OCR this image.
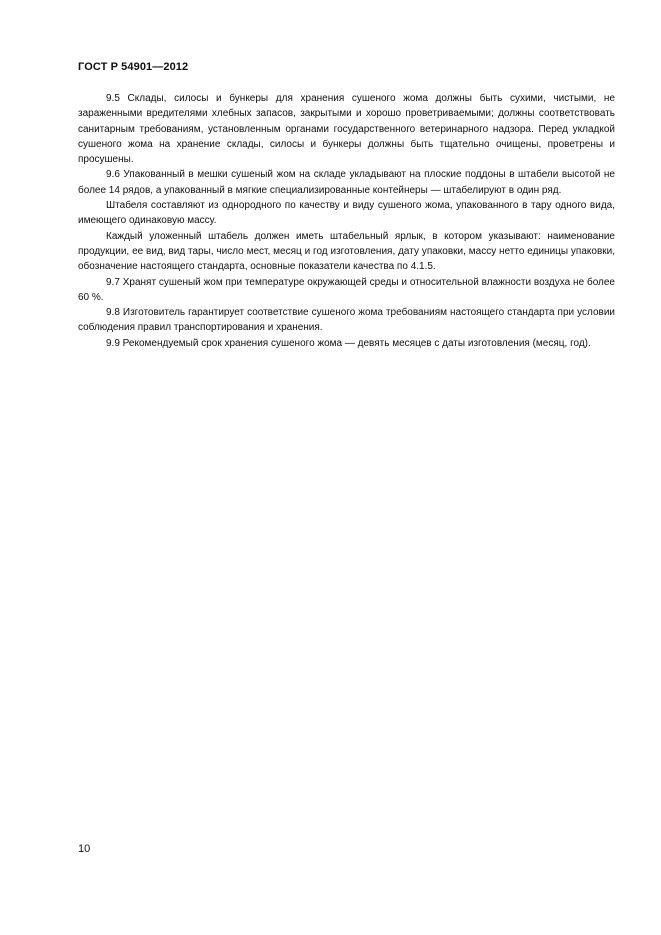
ГОСТ Р 54901—2012

9.5 Склады, силосы и бункеры для хранения сушеного жома должны быть сухими, чистыми, не зараженными вредителями хлебных запасов, закрытыми и хорошо проветриваемыми; должны соответствовать санитарным требованиям, установленным органами государственного ветеринарного надзора. Перед укладкой сушеного жома на хранение склады, силосы и бункеры должны быть тщательно очищены, проветрены и просушены.

9.6 Упакованный в мешки сушеный жом на складе укладывают на плоские поддоны в штабели высотой не более 14 рядов, а упакованный в мягкие специализированные контейнеры — штабелируют в один ряд.

Штабеля составляют из однородного по качеству и виду сушеного жома, упакованного в тару одного вида, имеющего одинаковую массу.

Каждый уложенный штабель должен иметь штабельный ярлык, в котором указывают: наименование продукции, ее вид, вид тары, число мест, месяц и год изготовления, дату упаковки, массу нетто единицы упаковки, обозначение настоящего стандарта, основные показатели качества по 4.1.5.

9.7 Хранят сушеный жом при температуре окружающей среды и относительной влажности воздуха не более 60 %.

9.8 Изготовитель гарантирует соответствие сушеного жома требованиям настоящего стандарта при условии соблюдения правил транспортирования и хранения.

9.9 Рекомендуемый срок хранения сушеного жома — девять месяцев с даты изготовления (месяц, год).

10
